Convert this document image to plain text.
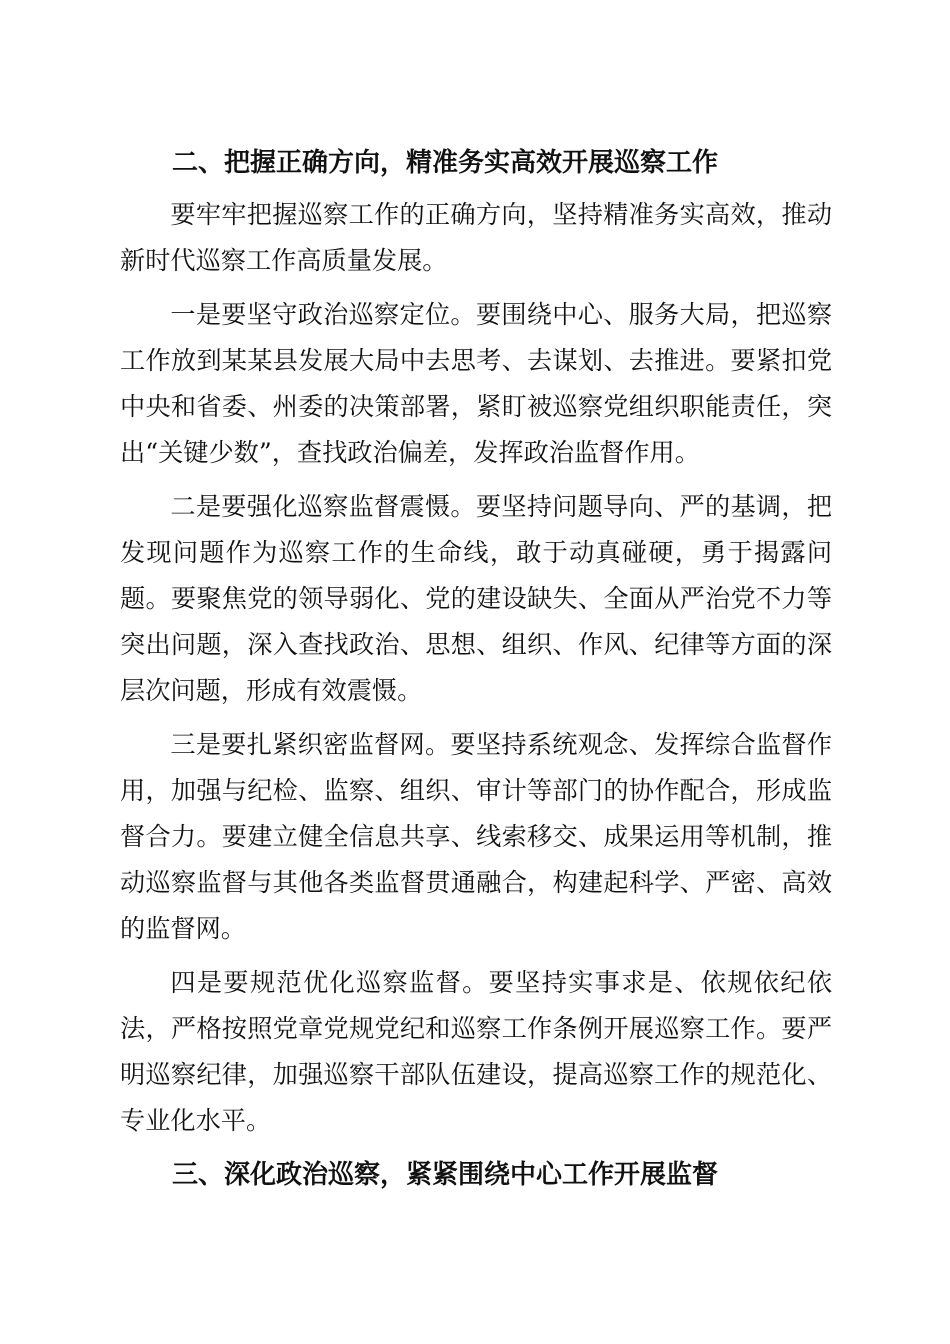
二、把握正确方向，精准务实高效开展巡察工作

要牢牢把握巡察工作的正确方向，坚持精准务实高效，推动新时代巡察工作高质量发展。

一是要坚守政治巡察定位。要围绕中心、服务大局，把巡察工作放到某某县发展大局中去思考、去谋划、去推进。要紧扣党中央和省委、州委的决策部署，紧盯被巡察党组织职能责任，突出“关键少数”，查找政治偏差，发挥政治监督作用。

二是要强化巡察监督震慑。要坚持问题导向、严的基调，把发现问题作为巡察工作的生命线，敢于动真碰硬，勇于揭露问题。要聚焦党的领导弱化、党的建设缺失、全面从严治党不力等突出问题，深入查找政治、思想、组织、作风、纪律等方面的深层次问题，形成有效震慑。

三是要扎紧织密监督网。要坚持系统观念、发挥综合监督作用，加强与纪检、监察、组织、审计等部门的协作配合，形成监督合力。要建立健全信息共享、线索移交、成果运用等机制，推动巡察监督与其他各类监督贯通融合，构建起科学、严密、高效的监督网。

四是要规范优化巡察监督。要坚持实事求是、依规依纪依法，严格按照党章党规党纪和巡察工作条例开展巡察工作。要严明巡察纪律，加强巡察干部队伍建设，提高巡察工作的规范化、专业化水平。

三、深化政治巡察，紧紧围绕中心工作开展监督
